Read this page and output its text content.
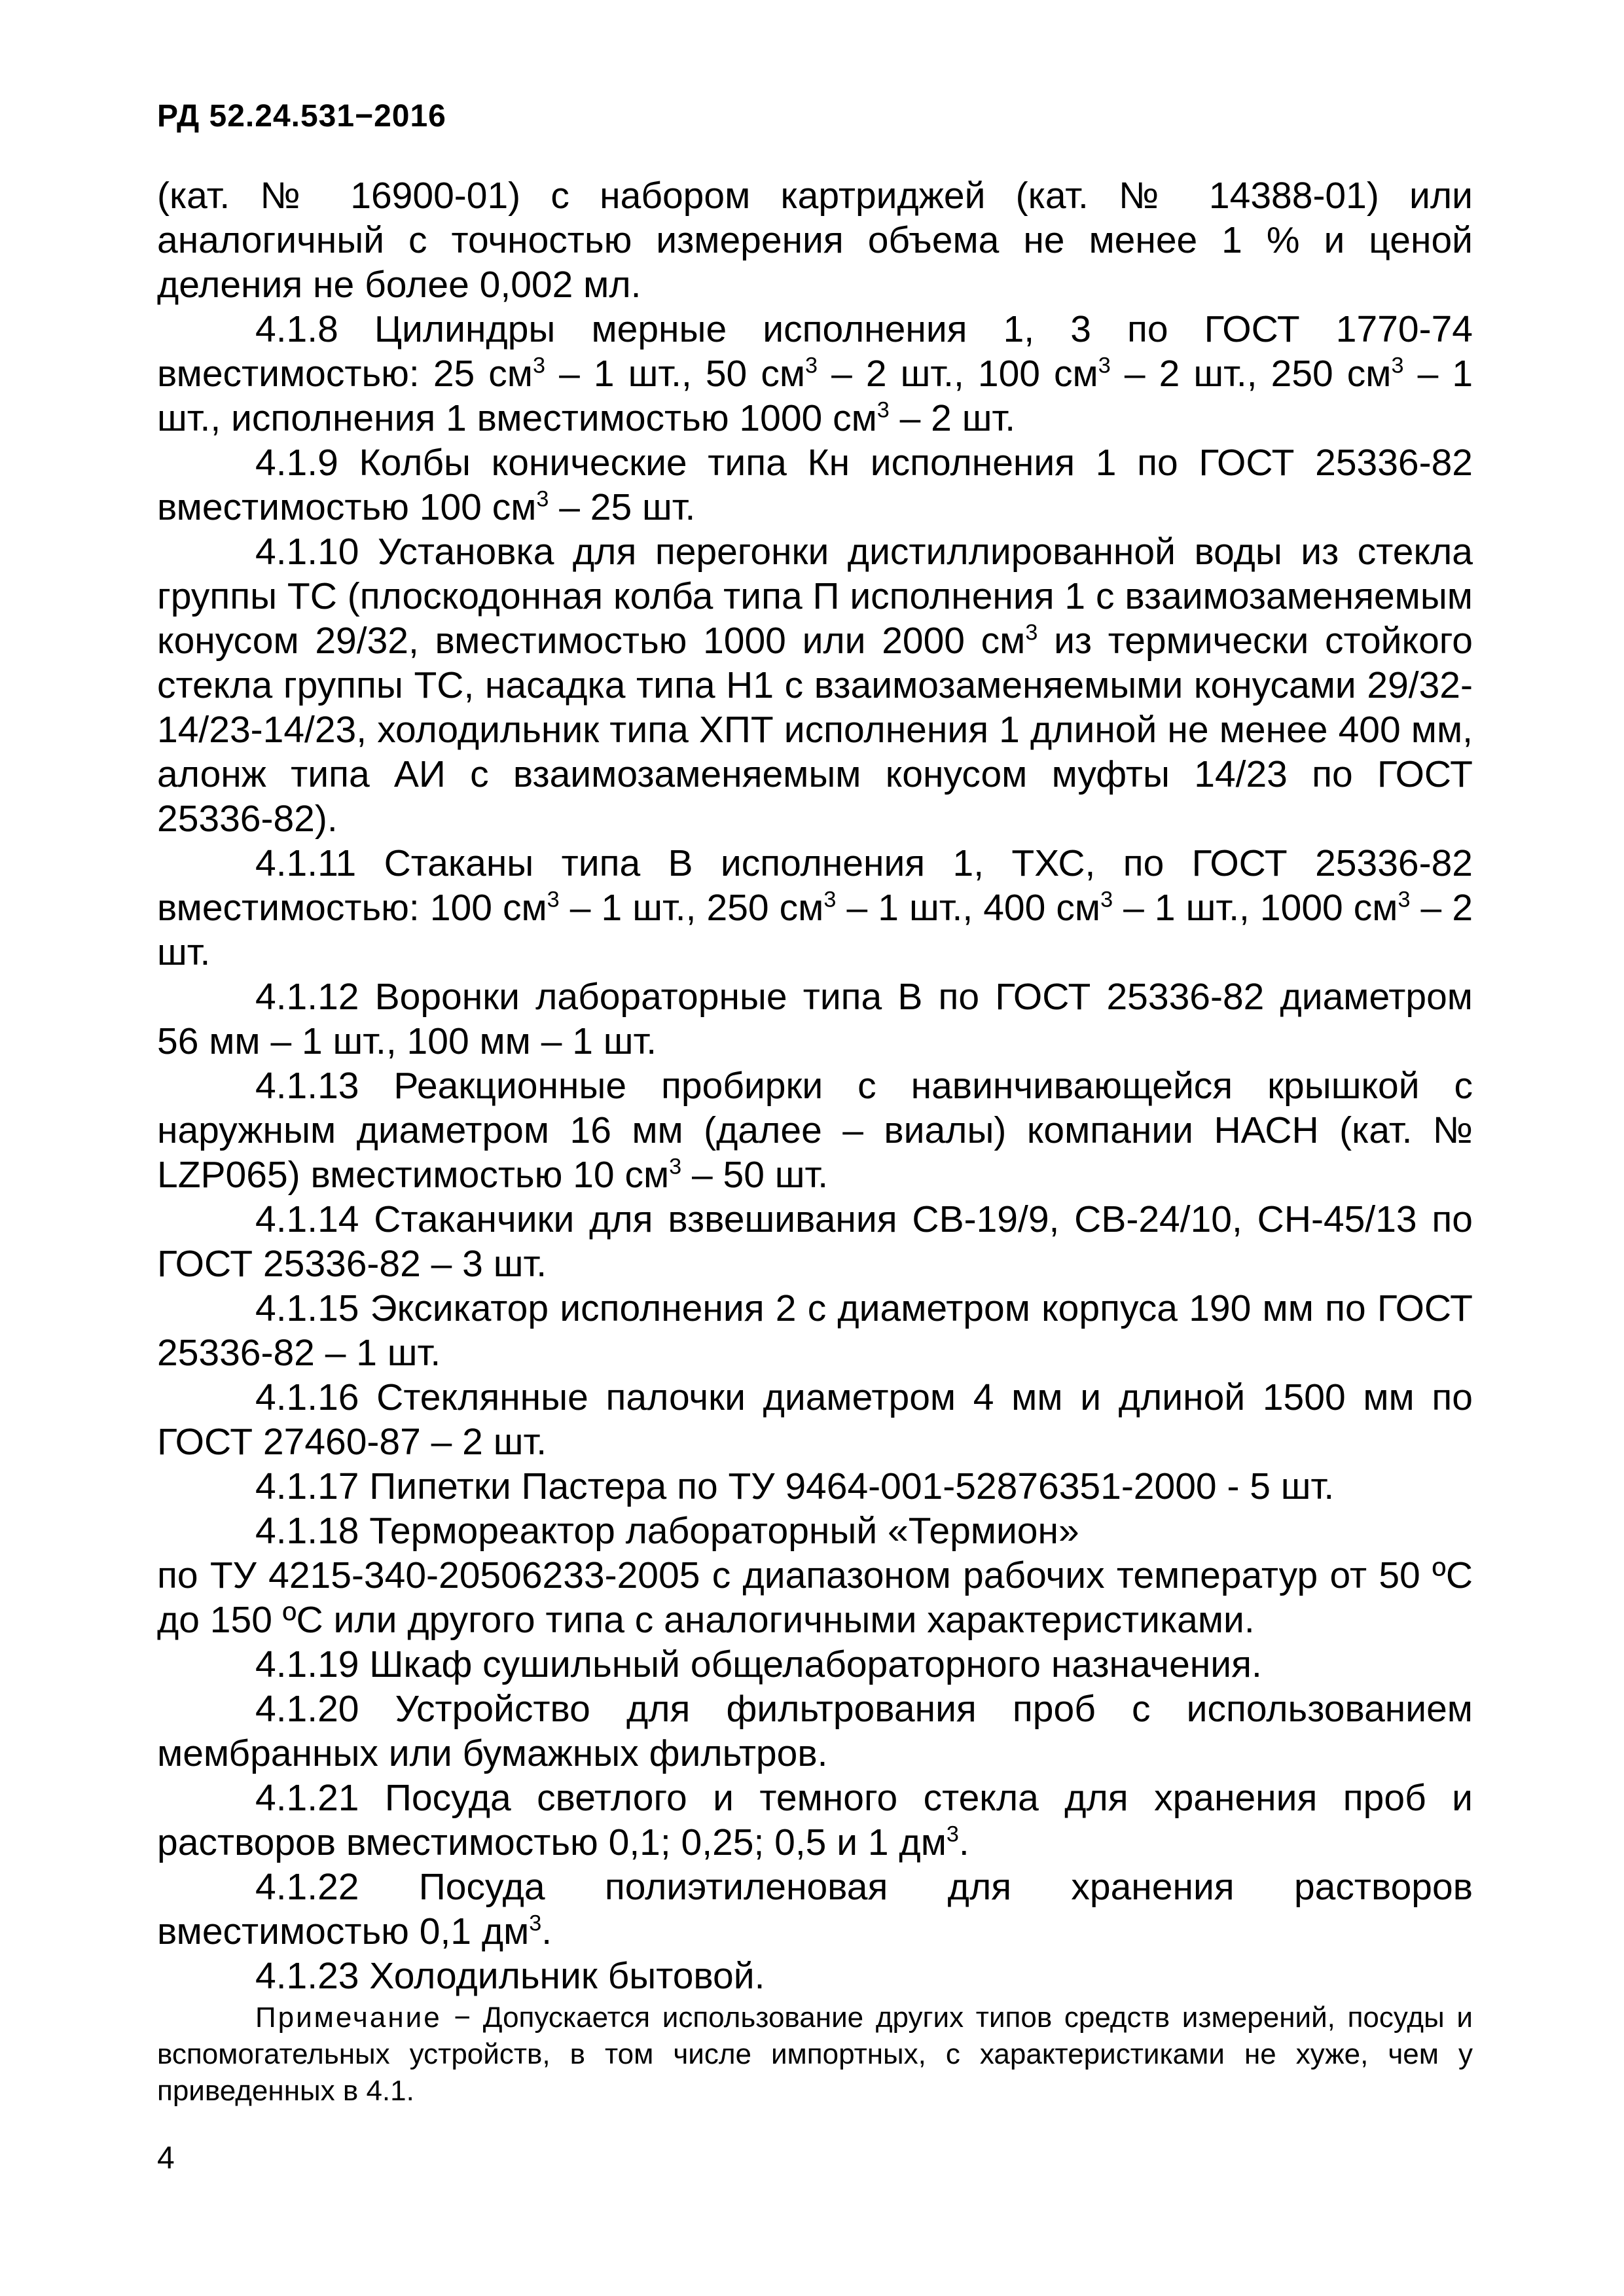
РД 52.24.531−2016

(кат. № 16900-01) с набором картриджей (кат. № 14388-01) или аналогичный с точностью измерения объема не менее 1 % и ценой деления не более 0,002 мл.

4.1.8 Цилиндры мерные исполнения 1, 3 по ГОСТ 1770-74 вместимостью: 25 $см^3 - 1$ шт., 50 $см^3 - 2$ шт., 100 $см^3 - 2$ шт., 250 $см^3 - 1$ шт., исполнения 1 вместимостью 1000 $см^3 - 2$ шт.

4.1.9 Колбы конические типа Кн исполнения 1 по ГОСТ 25336-82 вместимостью 100 $см^3 - 25$ шт.

4.1.10 Установка для перегонки дистиллированной воды из стекла группы ТС (плоскодонная колба типа П исполнения 1 с взаимозаменяемым конусом 29/32, вместимостью 1000 или 2000 $см^3$ из термически стойкого стекла группы ТС, насадка типа Н1 с взаимозаменяемыми конусами 29/32-14/23-14/23, холодильник типа ХПТ исполнения 1 длиной не менее 400 мм, алонж типа АИ с взаимозаменяемым конусом муфты 14/23 по ГОСТ 25336-82).

4.1.11 Стаканы типа В исполнения 1, ТХС, по ГОСТ 25336-82 вместимостью: 100 $см^3 - 1$ шт., 250 $см^3 - 1$ шт., 400 $см^3 - 1$ шт., 1000 $см^3 - 2$ шт.

4.1.12 Воронки лабораторные типа В по ГОСТ 25336-82 диаметром 56 мм – 1 шт., 100 мм – 1 шт.

4.1.13 Реакционные пробирки с навинчивающейся крышкой с наружным диаметром 16 мм (далее – виалы) компании НАСН (кат. № LZP065) вместимостью 10 $см^3 - 50$ шт.

4.1.14 Стаканчики для взвешивания СВ-19/9, СВ-24/10, СН-45/13 по ГОСТ 25336-82 – 3 шт.

4.1.15 Эксикатор исполнения 2 с диаметром корпуса 190 мм по ГОСТ 25336-82 – 1 шт.

4.1.16 Стеклянные палочки диаметром 4 мм и длиной 1500 мм по ГОСТ 27460-87 – 2 шт.

4.1.17 Пипетки Пастера по ТУ 9464-001-52876351-2000 - 5 шт.

4.1.18 Термореактор лабораторный «Термион»

по ТУ 4215-340-20506233-2005 с диапазоном рабочих температур от 50 ºС до 150 ºС или другого типа с аналогичными характеристиками.

4.1.19 Шкаф сушильный общелабораторного назначения.

4.1.20 Устройство для фильтрования проб с использованием мембранных или бумажных фильтров.

4.1.21 Посуда светлого и темного стекла для хранения проб и растворов вместимостью 0,1; 0,25; 0,5 и 1 $дм^3$.

4.1.22 Посуда полиэтиленовая для хранения растворов вместимостью 0,1 $дм^3$.

4.1.23 Холодильник бытовой.

Примечание − Допускается использование других типов средств измерений, посуды и вспомогательных устройств, в том числе импортных, с характеристиками не хуже, чем у приведенных в 4.1.
4
